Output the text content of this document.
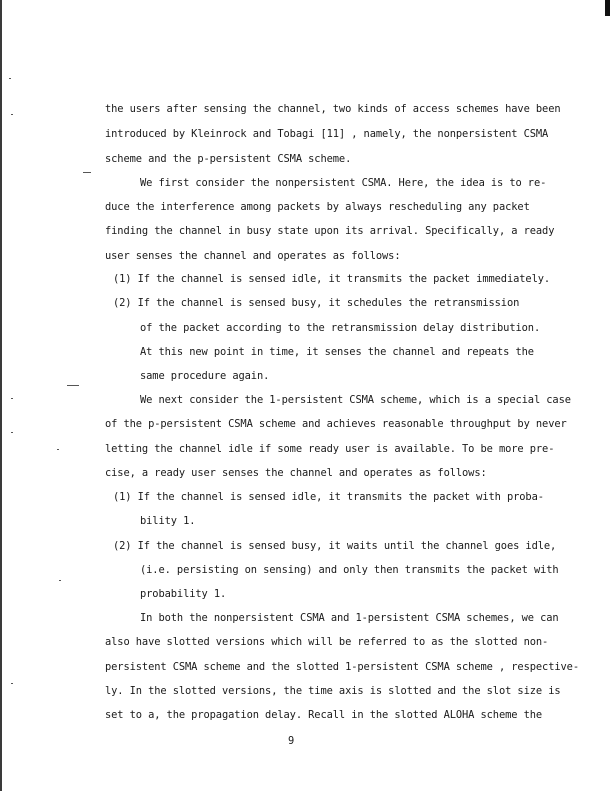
the users after sensing the channel, two kinds of access schemes have been
introduced by Kleinrock and Tobagi [11] , namely, the nonpersistent CSMA
scheme and the p-persistent CSMA scheme.
We first consider the nonpersistent CSMA. Here, the idea is to re-
duce the interference among packets by always rescheduling any packet
finding the channel in busy state upon its arrival. Specifically, a ready
user senses the channel and operates as follows:
(1) If the channel is sensed idle, it transmits the packet immediately.
(2) If the channel is sensed busy, it schedules the retransmission
of the packet according to the retransmission delay distribution.
At this new point in time, it senses the channel and repeats the
same procedure again.
We next consider the 1-persistent CSMA scheme, which is a special case
of the p-persistent CSMA scheme and achieves reasonable throughput by never
letting the channel idle if some ready user is available. To be more pre-
cise, a ready user senses the channel and operates as follows:
(1) If the channel is sensed idle, it transmits the packet with proba-
bility 1.
(2) If the channel is sensed busy, it waits until the channel goes idle,
(i.e. persisting on sensing) and only then transmits the packet with
probability 1.
In both the nonpersistent CSMA and 1-persistent CSMA schemes, we can
also have slotted versions which will be referred to as the slotted non-
persistent CSMA scheme and the slotted 1-persistent CSMA scheme , respective-
ly. In the slotted versions, the time axis is slotted and the slot size is
set to a, the propagation delay. Recall in the slotted ALOHA scheme the
9
